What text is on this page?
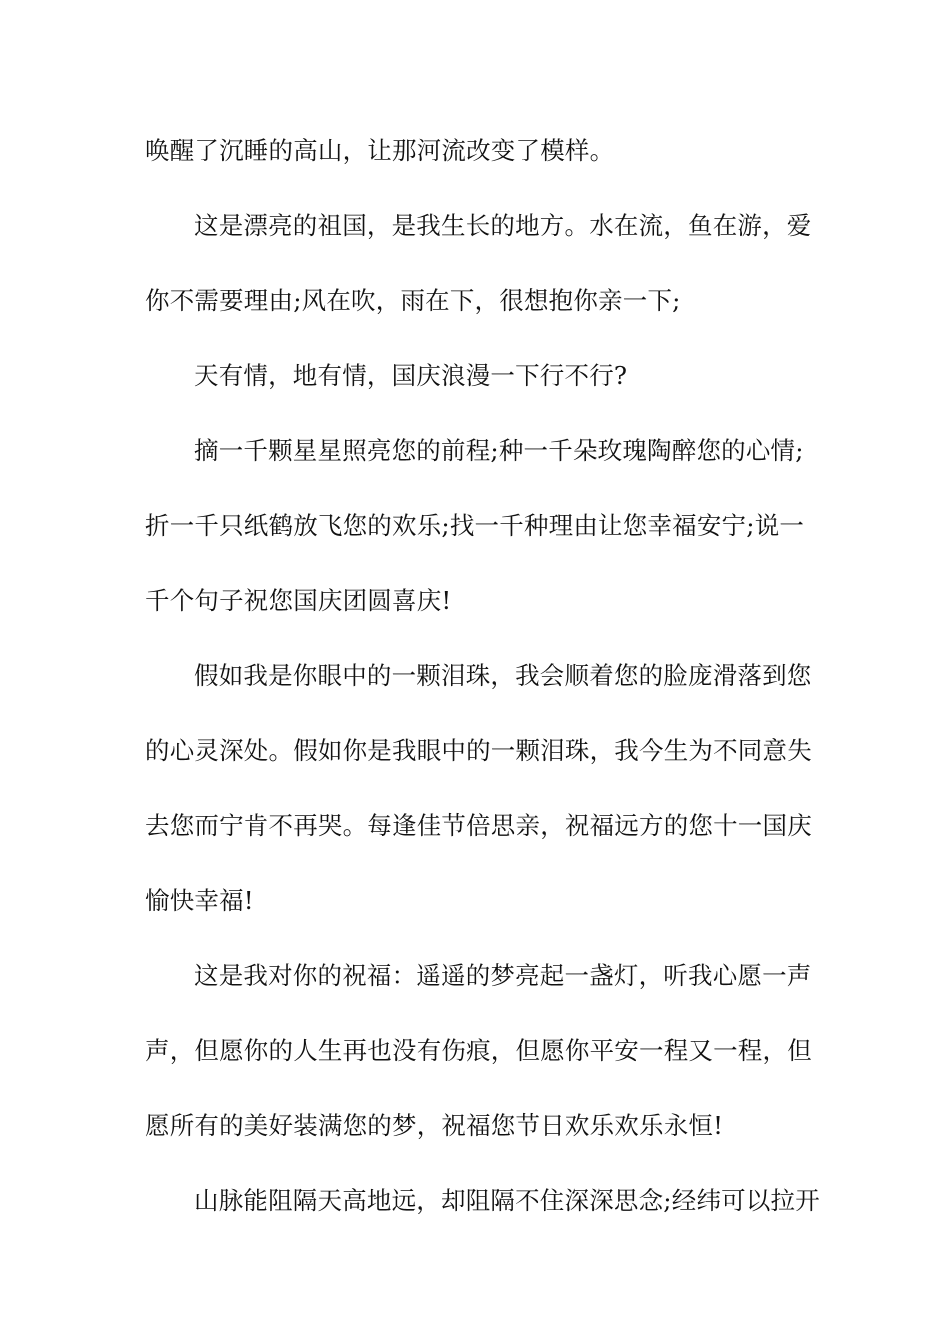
唤醒了沉睡的高山，让那河流改变了模样。
这是漂亮的祖国，是我生长的地方。水在流，鱼在游，爱
你不需要理由;风在吹，雨在下，很想抱你亲一下;
天有情，地有情，国庆浪漫一下行不行?
摘一千颗星星照亮您的前程;种一千朵玫瑰陶醉您的心情;
折一千只纸鹤放飞您的欢乐;找一千种理由让您幸福安宁;说一
千个句子祝您国庆团圆喜庆!
假如我是你眼中的一颗泪珠，我会顺着您的脸庞滑落到您
的心灵深处。假如你是我眼中的一颗泪珠，我今生为不同意失
去您而宁肯不再哭。每逢佳节倍思亲，祝福远方的您十一国庆
愉快幸福!
这是我对你的祝福：遥遥的梦亮起一盏灯，听我心愿一声
声，但愿你的人生再也没有伤痕，但愿你平安一程又一程，但
愿所有的美好装满您的梦，祝福您节日欢乐欢乐永恒!
山脉能阻隔天高地远，却阻隔不住深深思念;经纬可以拉开
